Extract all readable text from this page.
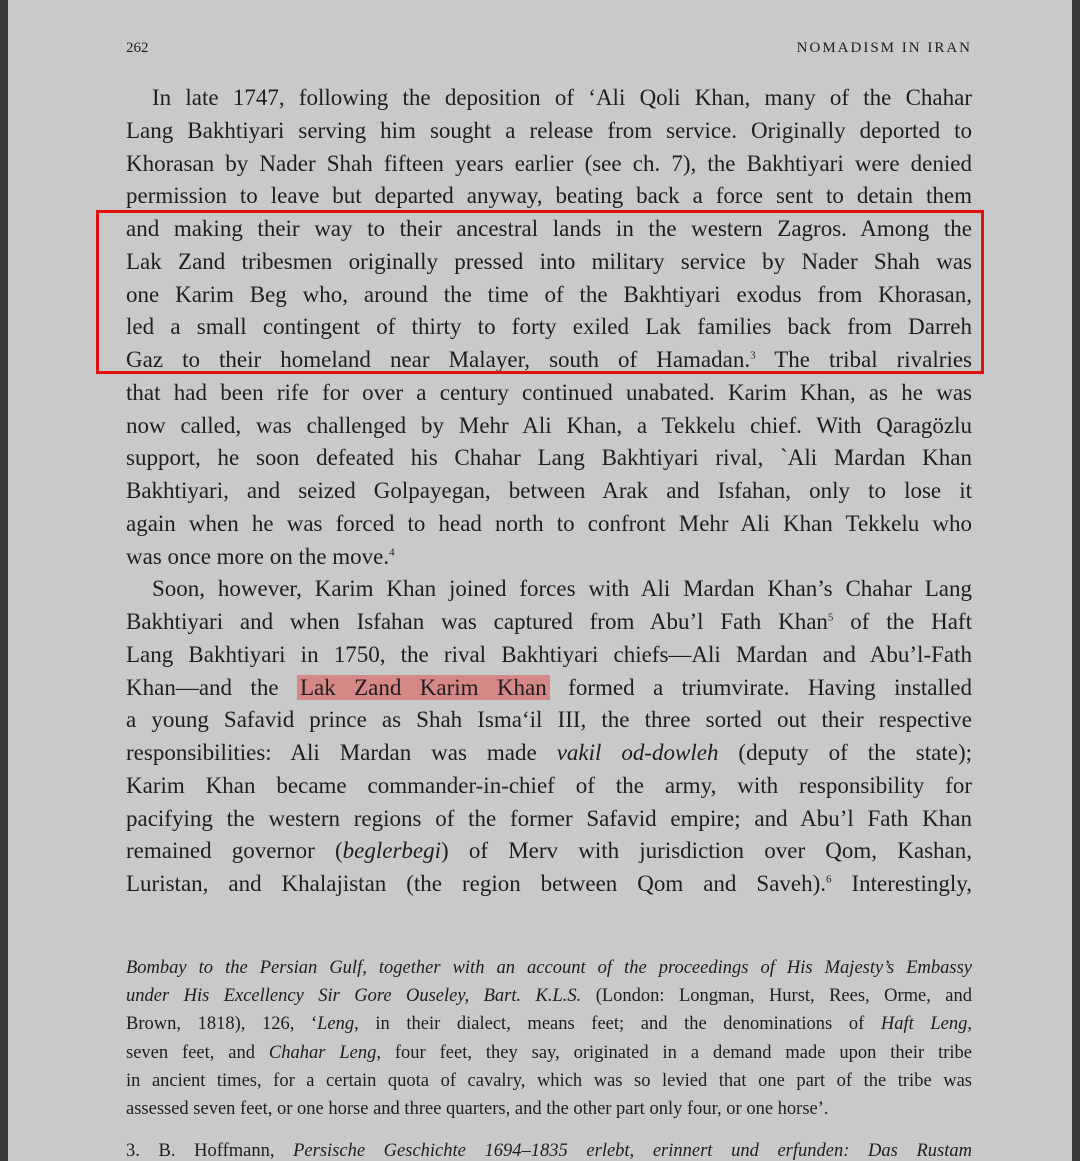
262	NOMADISM IN IRAN
In late 1747, following the deposition of ‘Ali Qoli Khan, many of the Chahar
Lang Bakhtiyari serving him sought a release from service. Originally deported to
Khorasan by Nader Shah fifteen years earlier (see ch. 7), the Bakhtiyari were denied
permission to leave but departed anyway, beating back a force sent to detain them
and making their way to their ancestral lands in the western Zagros. Among the
Lak Zand tribesmen originally pressed into military service by Nader Shah was
one Karim Beg who, around the time of the Bakhtiyari exodus from Khorasan,
led a small contingent of thirty to forty exiled Lak families back from Darreh
Gaz to their homeland near Malayer, south of Hamadan.$^3$ The tribal rivalries
that had been rife for over a century continued unabated. Karim Khan, as he was
now called, was challenged by Mehr Ali Khan, a Tekkelu chief. With Qaragözlu
support, he soon defeated his Chahar Lang Bakhtiyari rival, `Ali Mardan Khan
Bakhtiyari, and seized Golpayegan, between Arak and Isfahan, only to lose it
again when he was forced to head north to confront Mehr Ali Khan Tekkelu who
was once more on the move.$^4$
Soon, however, Karim Khan joined forces with Ali Mardan Khan’s Chahar Lang
Bakhtiyari and when Isfahan was captured from Abu’l Fath Khan$^5$ of the Haft
Lang Bakhtiyari in 1750, the rival Bakhtiyari chiefs—Ali Mardan and Abu’l-Fath
Khan—and the Lak Zand Karim Khan formed a triumvirate. Having installed
a young Safavid prince as Shah Isma‘il III, the three sorted out their respective
responsibilities: Ali Mardan was made vakil od-dowleh (deputy of the state);
Karim Khan became commander-in-chief of the army, with responsibility for
pacifying the western regions of the former Safavid empire; and Abu’l Fath Khan
remained governor (beglerbegi) of Merv with jurisdiction over Qom, Kashan,
Luristan, and Khalajistan (the region between Qom and Saveh).$^6$ Interestingly,
Bombay to the Persian Gulf, together with an account of the proceedings of His Majesty’s Embassy
under His Excellency Sir Gore Ouseley, Bart. K.L.S. (London: Longman, Hurst, Rees, Orme, and
Brown, 1818), 126, ‘Leng, in their dialect, means feet; and the denominations of Haft Leng,
seven feet, and Chahar Leng, four feet, they say, originated in a demand made upon their tribe
in ancient times, for a certain quota of cavalry, which was so levied that one part of the tribe was
assessed seven feet, or one horse and three quarters, and the other part only four, or one horse’.
3. B. Hoffmann, Persische Geschichte 1694–1835 erlebt, erinnert und erfunden: Das Rustam
